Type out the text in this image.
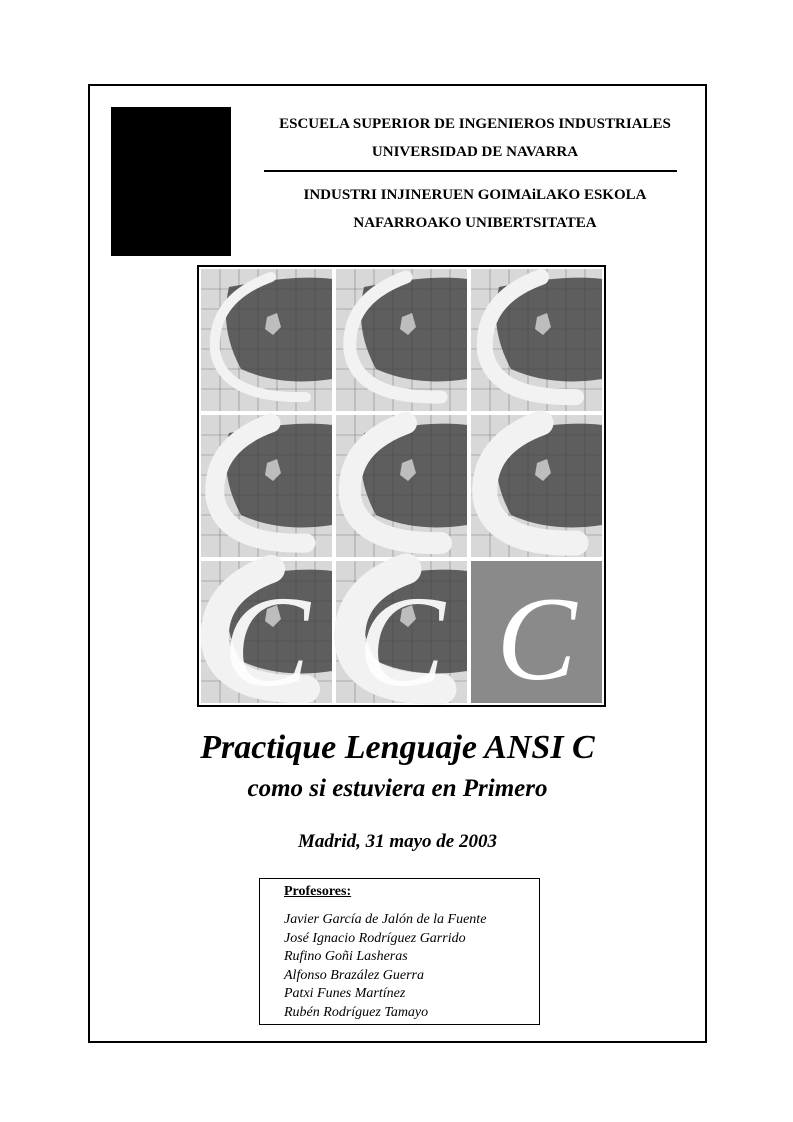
ESCUELA SUPERIOR DE INGENIEROS INDUSTRIALES
UNIVERSIDAD DE NAVARRA
INDUSTRI INJINERUEN GOIMAiLAKO ESKOLA
NAFARROAKO UNIBERTSITATEA
C C C
Practique Lenguaje ANSI C
como si estuviera en Primero
Madrid, 31 mayo de 2003
Profesores:
Javier García de Jalón de la Fuente
José Ignacio Rodríguez Garrido
Rufino Goñi Lasheras
Alfonso Brazález Guerra
Patxi Funes Martínez
Rubén Rodríguez Tamayo
